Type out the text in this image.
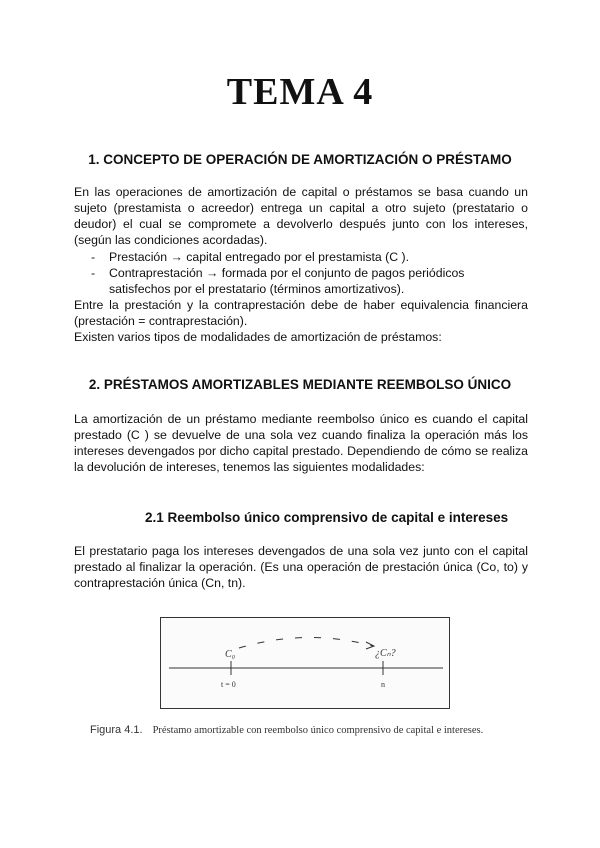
TEMA 4
1. CONCEPTO DE OPERACIÓN DE AMORTIZACIÓN O PRÉSTAMO

En las operaciones de amortización de capital o préstamos se basa cuando un sujeto (prestamista o acreedor) entrega un capital a otro sujeto (prestatario o deudor) el cual se compromete a devolverlo después junto con los intereses, (según las condiciones acordadas).

- Prestación → capital entregado por el prestamista (C ).
- Contraprestación → formada por el conjunto de pagos periódicos satisfechos por el prestatario (términos amortizativos).

Entre la prestación y la contraprestación debe de haber equivalencia financiera (prestación = contraprestación).

Existen varios tipos de modalidades de amortización de préstamos:

2. PRÉSTAMOS AMORTIZABLES MEDIANTE REEMBOLSO ÚNICO

La amortización de un préstamo mediante reembolso único es cuando el capital prestado (C ) se devuelve de una sola vez cuando finaliza la operación más los intereses devengados por dicho capital prestado. Dependiendo de cómo se realiza la devolución de intereses, tenemos las siguientes modalidades:

2.1 Reembolso único comprensivo de capital e intereses

El prestatario paga los intereses devengados de una sola vez junto con el capital prestado al finalizar la operación. (Es una operación de prestación única (Co, to) y contraprestación única (Cn, tn).

C₀	¿Cₙ?
t = 0	n

Figura 4.1. Préstamo amortizable con reembolso único comprensivo de capital e intereses.
